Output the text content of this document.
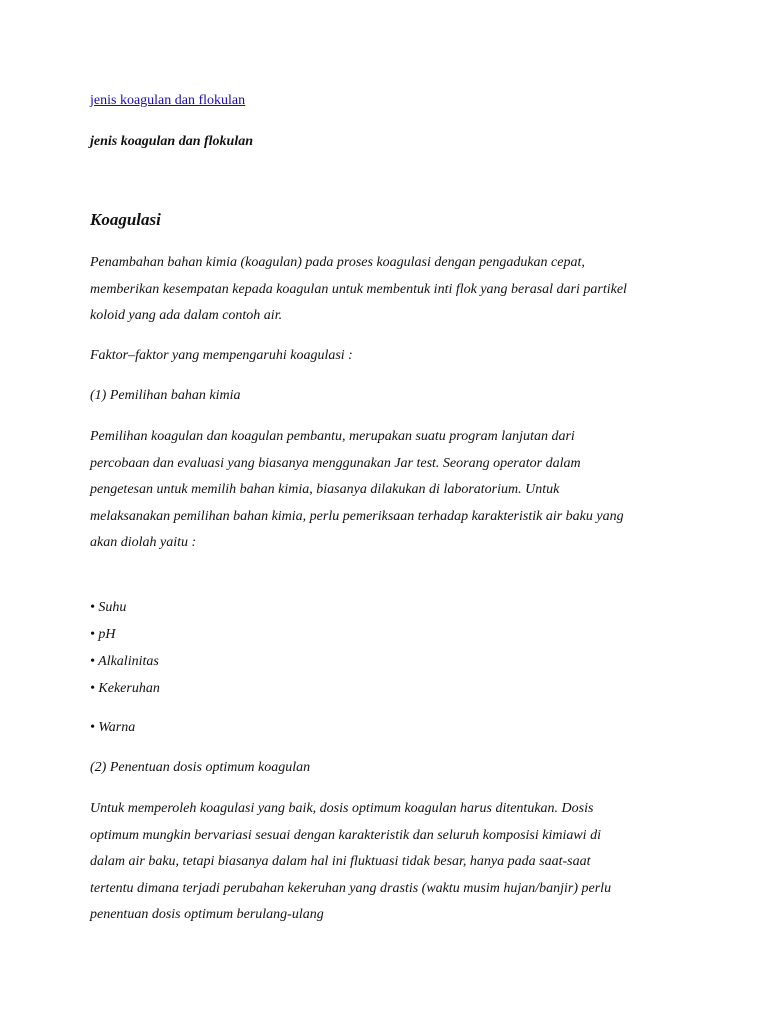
jenis koagulan dan flokulan

jenis koagulan dan flokulan

Koagulasi

Penambahan bahan kimia (koagulan) pada proses koagulasi dengan pengadukan cepat,
memberikan kesempatan kepada koagulan untuk membentuk inti flok yang berasal dari partikel
koloid yang ada dalam contoh air.

Faktor–faktor yang mempengaruhi koagulasi :

(1) Pemilihan bahan kimia

Pemilihan koagulan dan koagulan pembantu, merupakan suatu program lanjutan dari
percobaan dan evaluasi yang biasanya menggunakan Jar test. Seorang operator dalam
pengetesan untuk memilih bahan kimia, biasanya dilakukan di laboratorium. Untuk
melaksanakan pemilihan bahan kimia, perlu pemeriksaan terhadap karakteristik air baku yang
akan diolah yaitu :

• Suhu

• pH

• Alkalinitas

• Kekeruhan

• Warna

(2) Penentuan dosis optimum koagulan

Untuk memperoleh koagulasi yang baik, dosis optimum koagulan harus ditentukan. Dosis
optimum mungkin bervariasi sesuai dengan karakteristik dan seluruh komposisi kimiawi di
dalam air baku, tetapi biasanya dalam hal ini fluktuasi tidak besar, hanya pada saat-saat
tertentu dimana terjadi perubahan kekeruhan yang drastis (waktu musim hujan/banjir) perlu
penentuan dosis optimum berulang-ulang
